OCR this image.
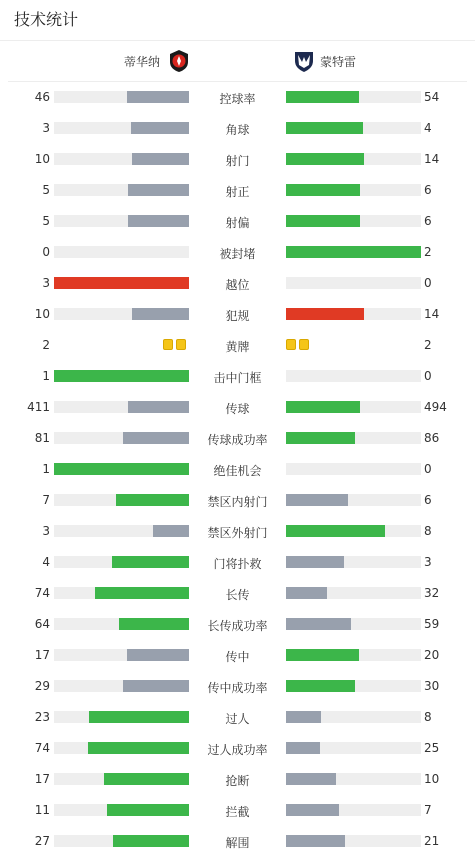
技术统计
蒂华纳	蒙特雷
46	控球率	54
3	角球	4
10	射门	14
5	射正	6
5	射偏	6
0	被封堵	2
3	越位	0
10	犯规	14
2	黄牌	2
1	击中门框	0
411	传球	494
81	传球成功率	86
1	绝佳机会	0
7	禁区内射门	6
3	禁区外射门	8
4	门将扑救	3
74	长传	32
64	长传成功率	59
17	传中	20
29	传中成功率	30
23	过人	8
74	过人成功率	25
17	抢断	10
11	拦截	7
27	解围	21
